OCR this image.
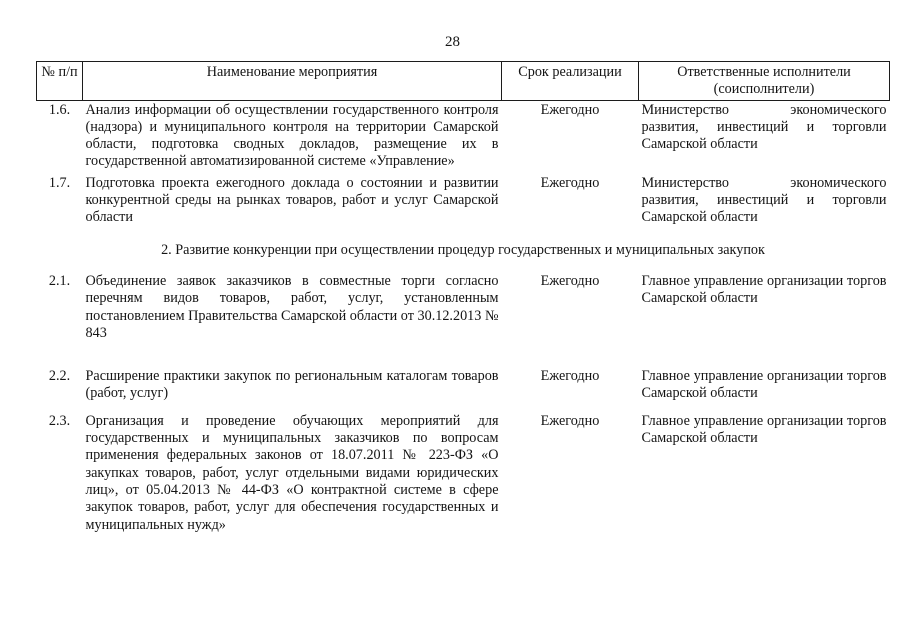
28
№ п/п	Наименование мероприятия	Срок реализации	Ответственные исполнители (соисполнители)
1.6.	Анализ информации об осуществлении государственного контроля (надзора) и муниципального контроля на территории Самарской области, подготовка сводных докладов, размещение их в государственной автоматизированной системе «Управление»	Ежегодно	Министерство экономического развития, инвестиций и торговли Самарской области
1.7.	Подготовка проекта ежегодного доклада о состоянии и развитии конкурентной среды на рынках товаров, работ и услуг Самарской области	Ежегодно	Министерство экономического развития, инвестиций и торговли Самарской области
2. Развитие конкуренции при осуществлении процедур государственных и муниципальных закупок			
2.1.	Объединение заявок заказчиков в совместные торги согласно перечням видов товаров, работ, услуг, установленным постановлением Правительства Самарской области от 30.12.2013 № 843	Ежегодно	Главное управление организации торгов Самарской области
2.2.	Расширение практики закупок по региональным каталогам товаров (работ, услуг)	Ежегодно	Главное управление организации торгов Самарской области
2.3.	Организация и проведение обучающих мероприятий для государственных и муниципальных заказчиков по вопросам применения федеральных законов от 18.07.2011 № 223-ФЗ «О закупках товаров, работ, услуг отдельными видами юридических лиц», от 05.04.2013 № 44-ФЗ «О контрактной системе в сфере закупок товаров, работ, услуг для обеспечения государственных и муниципальных нужд»	Ежегодно	Главное управление организации торгов Самарской области
